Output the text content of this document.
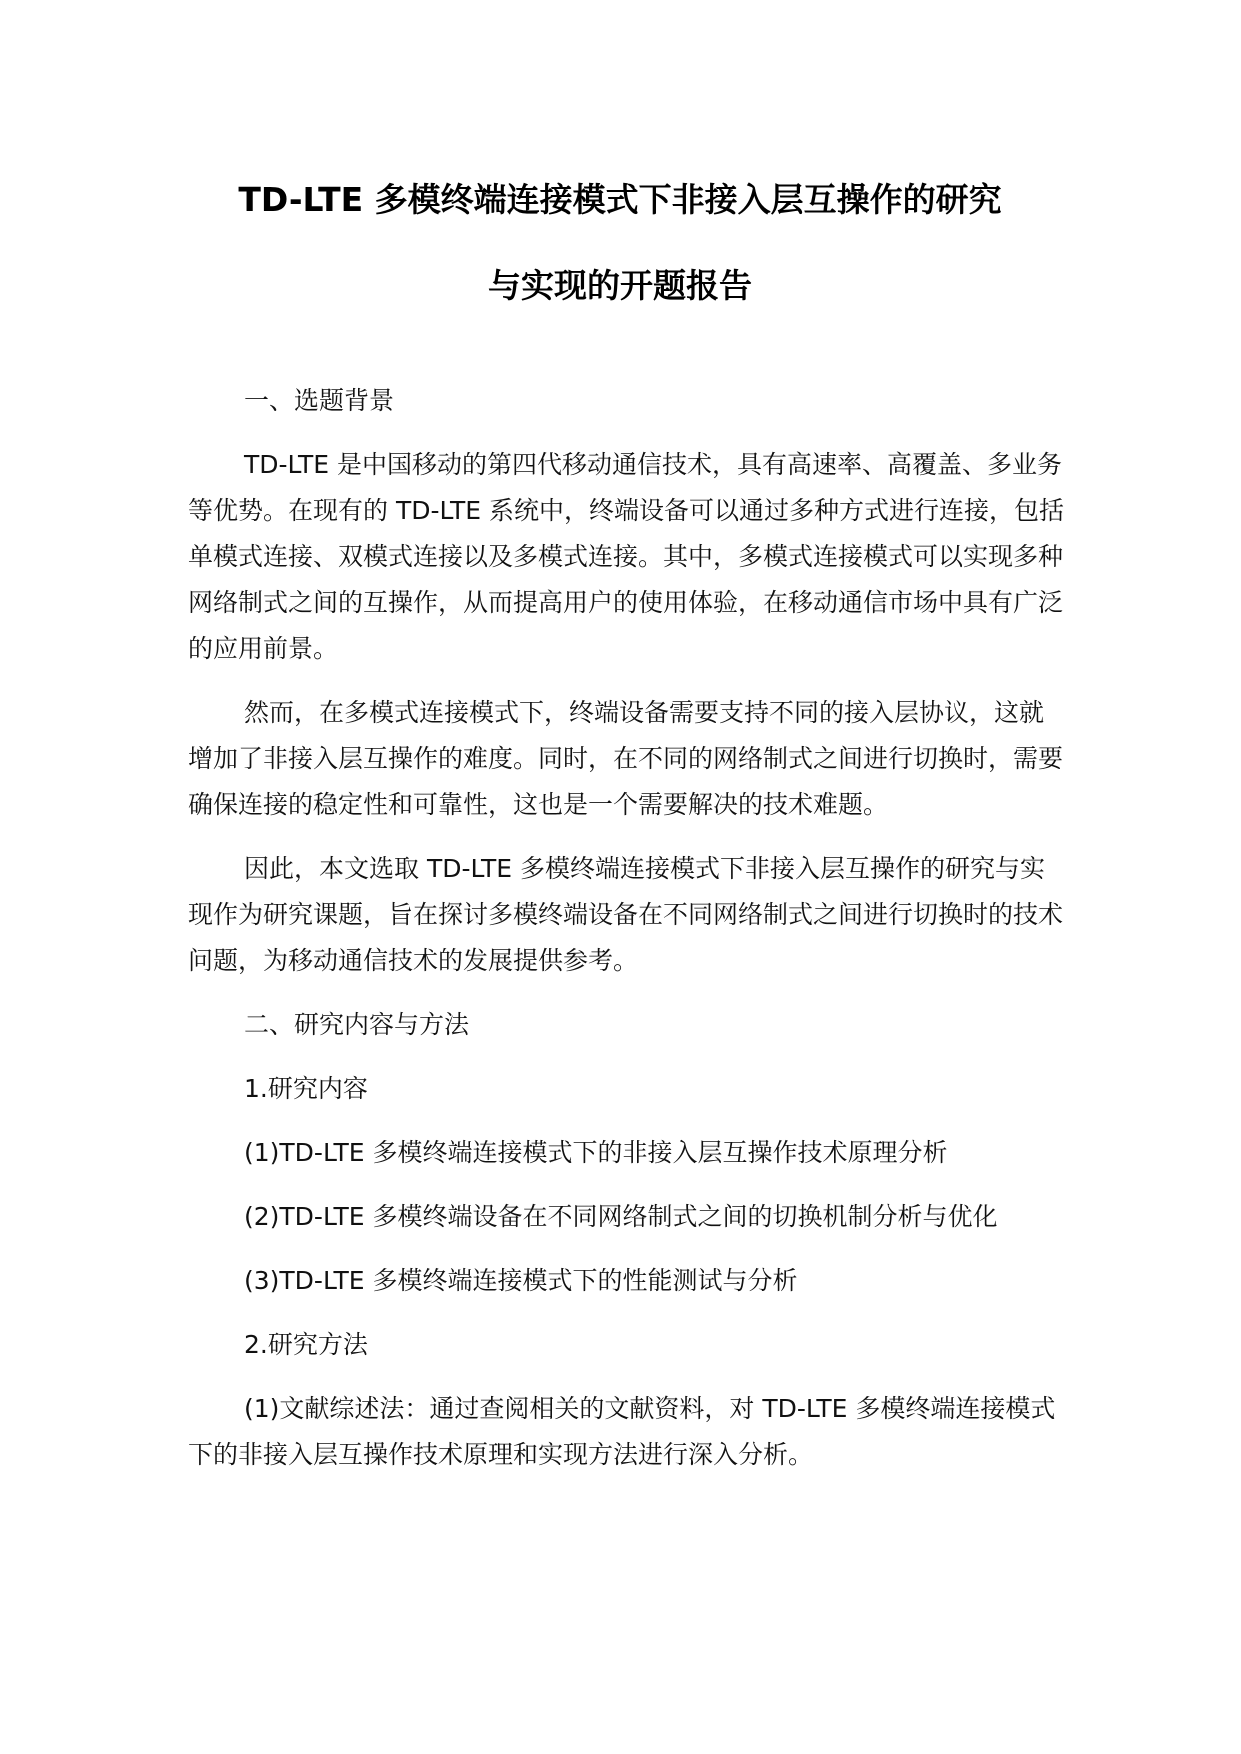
TD-LTE 多模终端连接模式下非接入层互操作的研究
与实现的开题报告

一、选题背景

TD-LTE 是中国移动的第四代移动通信技术，具有高速率、高覆盖、多业务等优势。在现有的 TD-LTE 系统中，终端设备可以通过多种方式进行连接，包括单模式连接、双模式连接以及多模式连接。其中，多模式连接模式可以实现多种网络制式之间的互操作，从而提高用户的使用体验，在移动通信市场中具有广泛的应用前景。

然而，在多模式连接模式下，终端设备需要支持不同的接入层协议，这就增加了非接入层互操作的难度。同时，在不同的网络制式之间进行切换时，需要确保连接的稳定性和可靠性，这也是一个需要解决的技术难题。

因此，本文选取 TD-LTE 多模终端连接模式下非接入层互操作的研究与实现作为研究课题，旨在探讨多模终端设备在不同网络制式之间进行切换时的技术问题，为移动通信技术的发展提供参考。

二、研究内容与方法

1.研究内容

(1)TD-LTE 多模终端连接模式下的非接入层互操作技术原理分析

(2)TD-LTE 多模终端设备在不同网络制式之间的切换机制分析与优化

(3)TD-LTE 多模终端连接模式下的性能测试与分析

2.研究方法

(1)文献综述法：通过查阅相关的文献资料，对 TD-LTE 多模终端连接模式下的非接入层互操作技术原理和实现方法进行深入分析。
